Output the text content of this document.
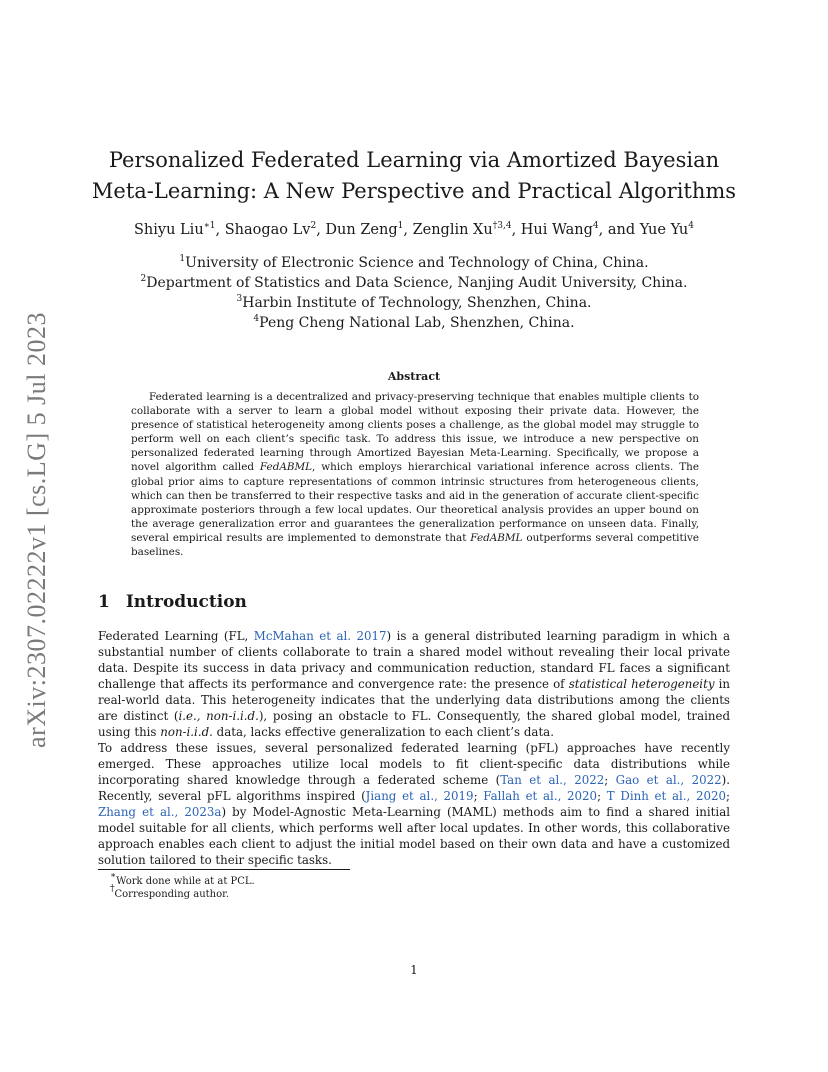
arXiv:2307.02222v1 [cs.LG] 5 Jul 2023
Personalized Federated Learning via Amortized Bayesian
Meta-Learning: A New Perspective and Practical Algorithms
Shiyu Liu$^{∗1}$, Shaogao Lv$^2$, Dun Zeng$^1$, Zenglin Xu$^{\dagger 3,4}$, Hui Wang$^4$, and Yue Yu$^4$
$^1$University of Electronic Science and Technology of China, China.
$^2$Department of Statistics and Data Science, Nanjing Audit University, China.
$^3$Harbin Institute of Technology, Shenzhen, China.
$^4$Peng Cheng National Lab, Shenzhen, China.
Abstract

Federated learning is a decentralized and privacy-preserving technique that enables multiple clients to collaborate with a server to learn a global model without exposing their private data. However, the presence of statistical heterogeneity among clients poses a challenge, as the global model may struggle to perform well on each client’s specific task. To address this issue, we introduce a new perspective on personalized federated learning through Amortized Bayesian Meta-Learning. Specifically, we propose a novel algorithm called FedABML, which employs hierarchical variational inference across clients. The global prior aims to capture representations of common intrinsic structures from heterogeneous clients, which can then be transferred to their respective tasks and aid in the generation of accurate client-specific approximate posteriors through a few local updates. Our theoretical analysis provides an upper bound on the average generalization error and guarantees the generalization performance on unseen data. Finally, several empirical results are implemented to demonstrate that FedABML outperforms several competitive baselines.

1 Introduction

Federated Learning (FL, McMahan et al. 2017) is a general distributed learning paradigm in which a substantial number of clients collaborate to train a shared model without revealing their local private data. Despite its success in data privacy and communication reduction, standard FL faces a significant challenge that affects its performance and convergence rate: the presence of statistical heterogeneity in real-world data. This heterogeneity indicates that the underlying data distributions among the clients are distinct (i.e., non-i.i.d.), posing an obstacle to FL. Consequently, the shared global model, trained using this non-i.i.d. data, lacks effective generalization to each client’s data.

To address these issues, several personalized federated learning (pFL) approaches have recently emerged. These approaches utilize local models to fit client-specific data distributions while incorporating shared knowledge through a federated scheme (Tan et al., 2022; Gao et al., 2022). Recently, several pFL algorithms inspired (Jiang et al., 2019; Fallah et al., 2020; T Dinh et al., 2020; Zhang et al., 2023a) by Model-Agnostic Meta-Learning (MAML) methods aim to find a shared initial model suitable for all clients, which performs well after local updates. In other words, this collaborative approach enables each client to adjust the initial model based on their own data and have a customized solution tailored to their specific tasks.

∗Work done while at at PCL.
†Corresponding author.
1
